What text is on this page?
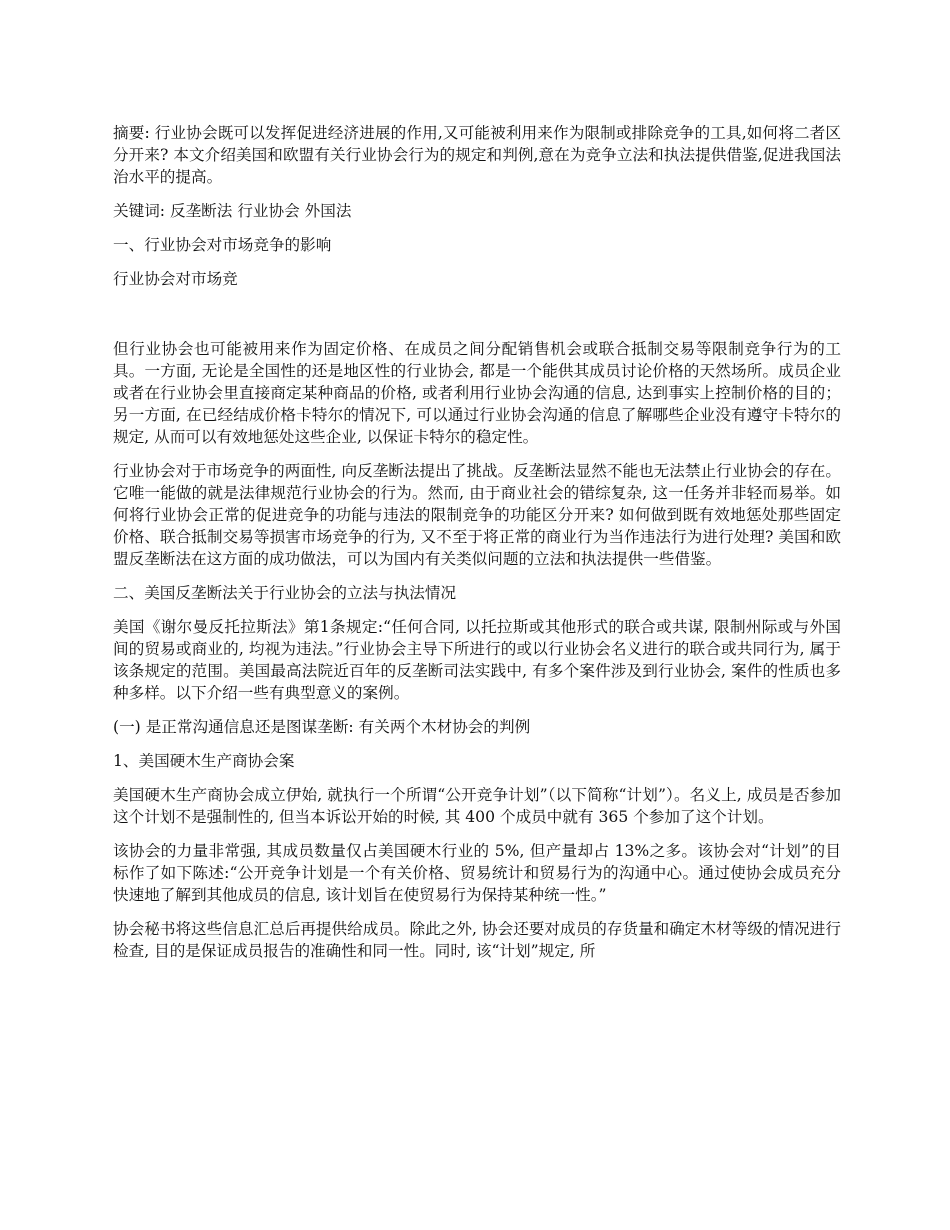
摘要: 行业协会既可以发挥促进经济进展的作用,又可能被利用来作为限制或排除竞争的工具,如何将二者区分开来? 本文介绍美国和欧盟有关行业协会行为的规定和判例,意在为竞争立法和执法提供借鉴,促进我国法治水平的提高。

关键词: 反垄断法 行业协会 外国法

一、行业协会对市场竞争的影响

行业协会对市场竞

但行业协会也可能被用来作为固定价格、在成员之间分配销售机会或联合抵制交易等限制竞争行为的工具。一方面, 无论是全国性的还是地区性的行业协会, 都是一个能供其成员讨论价格的天然场所。成员企业或者在行业协会里直接商定某种商品的价格, 或者利用行业协会沟通的信息, 达到事实上控制价格的目的；另一方面, 在已经结成价格卡特尔的情况下, 可以通过行业协会沟通的信息了解哪些企业没有遵守卡特尔的规定, 从而可以有效地惩处这些企业, 以保证卡特尔的稳定性。

行业协会对于市场竞争的两面性, 向反垄断法提出了挑战。反垄断法显然不能也无法禁止行业协会的存在。它唯一能做的就是法律规范行业协会的行为。然而, 由于商业社会的错综复杂, 这一任务并非轻而易举。如何将行业协会正常的促进竞争的功能与违法的限制竞争的功能区分开来? 如何做到既有效地惩处那些固定价格、联合抵制交易等损害市场竞争的行为, 又不至于将正常的商业行为当作违法行为进行处理? 美国和欧盟反垄断法在这方面的成功做法，可以为国内有关类似问题的立法和执法提供一些借鉴。

二、美国反垄断法关于行业协会的立法与执法情况

美国《谢尔曼反托拉斯法》第1条规定:“任何合同, 以托拉斯或其他形式的联合或共谋, 限制州际或与外国间的贸易或商业的, 均视为违法。”行业协会主导下所进行的或以行业协会名义进行的联合或共同行为, 属于该条规定的范围。美国最高法院近百年的反垄断司法实践中, 有多个案件涉及到行业协会, 案件的性质也多种多样。以下介绍一些有典型意义的案例。

(一) 是正常沟通信息还是图谋垄断: 有关两个木材协会的判例

1、美国硬木生产商协会案

美国硬木生产商协会成立伊始, 就执行一个所谓“公开竞争计划”（以下简称“计划”）。名义上, 成员是否参加这个计划不是强制性的, 但当本诉讼开始的时候, 其 400 个成员中就有 365 个参加了这个计划。

该协会的力量非常强, 其成员数量仅占美国硬木行业的 5%, 但产量却占 13%之多。该协会对“计划”的目标作了如下陈述:“公开竞争计划是一个有关价格、贸易统计和贸易行为的沟通中心。通过使协会成员充分快速地了解到其他成员的信息, 该计划旨在使贸易行为保持某种统一性。”

协会秘书将这些信息汇总后再提供给成员。除此之外, 协会还要对成员的存货量和确定木材等级的情况进行检查, 目的是保证成员报告的准确性和同一性。同时, 该“计划”规定, 所
